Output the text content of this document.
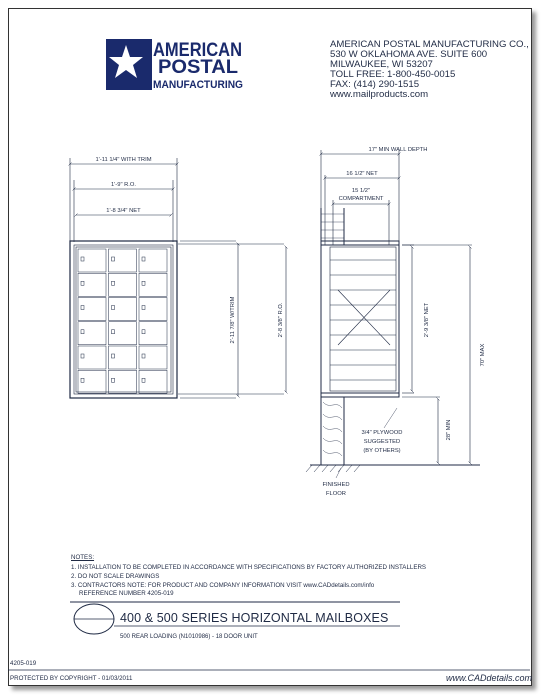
AMERICAN
POSTAL
MANUFACTURING
AMERICAN POSTAL MANUFACTURING CO.,
530 W OKLAHOMA AVE. SUITE 600
MILWAUKEE, WI 53207
TOLL FREE: 1-800-450-0015
FAX: (414) 290-1515
www.mailproducts.com
1'-11 1/4" WITH TRIM
1'-9" R.O.
1'-8 3/4" NET
2'-11 7/8" W/TRIM	2'-8 3/8" R.O.
17" MIN WALL DEPTH
16 1/2" NET
15 1/2"
COMPARTMENT
2'-9 3/8" NET
70" MAX
28" MIN
3/4" PLYWOOD
SUGGESTED
(BY OTHERS)
FINISHED
FLOOR
NOTES:
1. INSTALLATION TO BE COMPLETED IN ACCORDANCE WITH SPECIFICATIONS BY FACTORY AUTHORIZED INSTALLERS
2. DO NOT SCALE DRAWINGS
3. CONTRACTORS NOTE: FOR PRODUCT AND COMPANY INFORMATION VISIT www.CADdetails.com/info
REFERENCE NUMBER 4205-019
400 & 500 SERIES HORIZONTAL MAILBOXES
500 REAR LOADING (N1010986) - 18 DOOR UNIT
4205-019
PROTECTED BY COPYRIGHT - 01/03/2011	www.CADdetails.com
